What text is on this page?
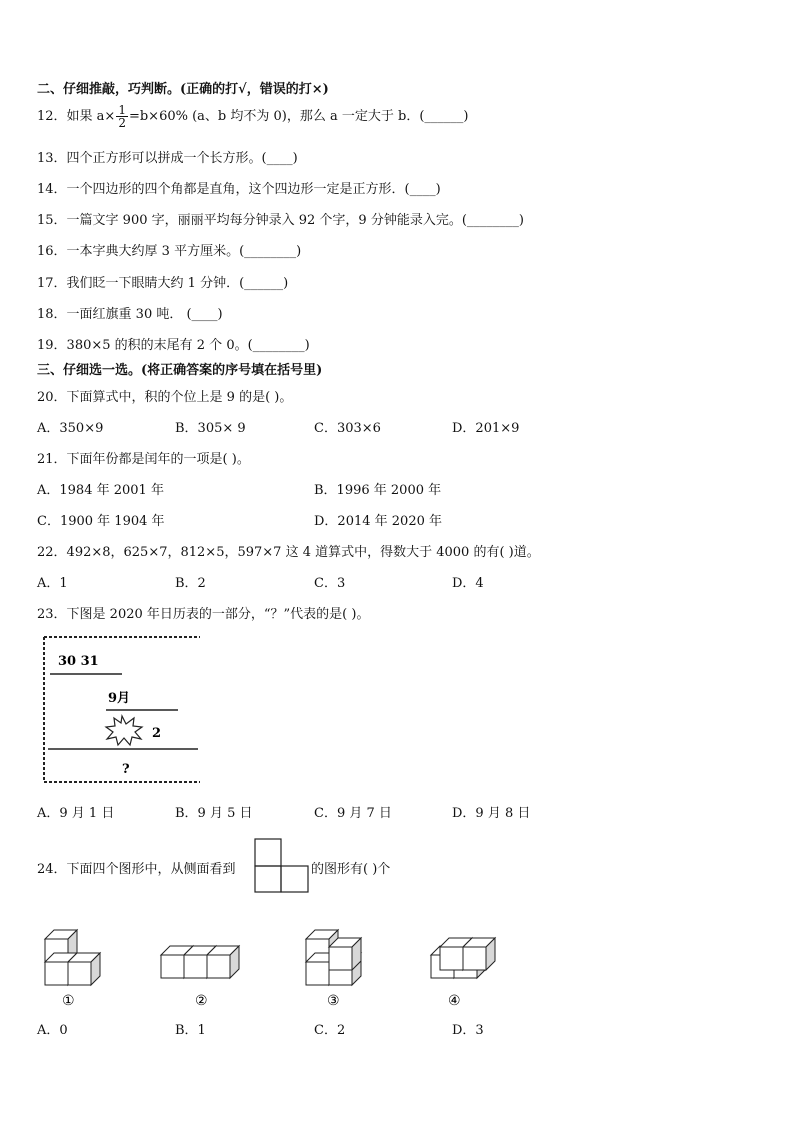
二、仔细推敲，巧判断。(正确的打√，错误的打×)
12．如果 $a\times \frac{1}{2} =b\times 60\%$ (a、b 均不为 0)，那么 a 一定大于 b．(______)
13．四个正方形可以拼成一个长方形。(____)
14．一个四边形的四个角都是直角，这个四边形一定是正方形．(____)
15．一篇文字 900 字，丽丽平均每分钟录入 92 个字，9 分钟能录入完。(________)
16．一本字典大约厚 3 平方厘米。(________)
17．我们眨一下眼睛大约 1 分钟．(______)
18．一面红旗重 30 吨． (____)
19．380×5 的积的末尾有 2 个 0。(________)
三、仔细选一选。(将正确答案的序号填在括号里)
20．下面算式中，积的个位上是 9 的是( )。
A．350×9	B．305× 9	C．303×6	D．201×9
21．下面年份都是闰年的一项是( )。
A．1984 年 2001 年	B．1996 年 2000 年
C．1900 年 1904 年	D．2014 年 2020 年
22．492×8，625×7，812×5，597×7 这 4 道算式中，得数大于 4000 的有( )道。
A．1	B．2	C．3	D．4
23．下图是 2020 年日历表的一部分，“？”代表的是( )。
30 31
9月
2
?
A．9 月 1 日	B．9 月 5 日	C．9 月 7 日	D．9 月 8 日
24．下面四个图形中，从侧面看到	的图形有( )个
①	②	③	④
A．0	B．1	C．2	D．3
